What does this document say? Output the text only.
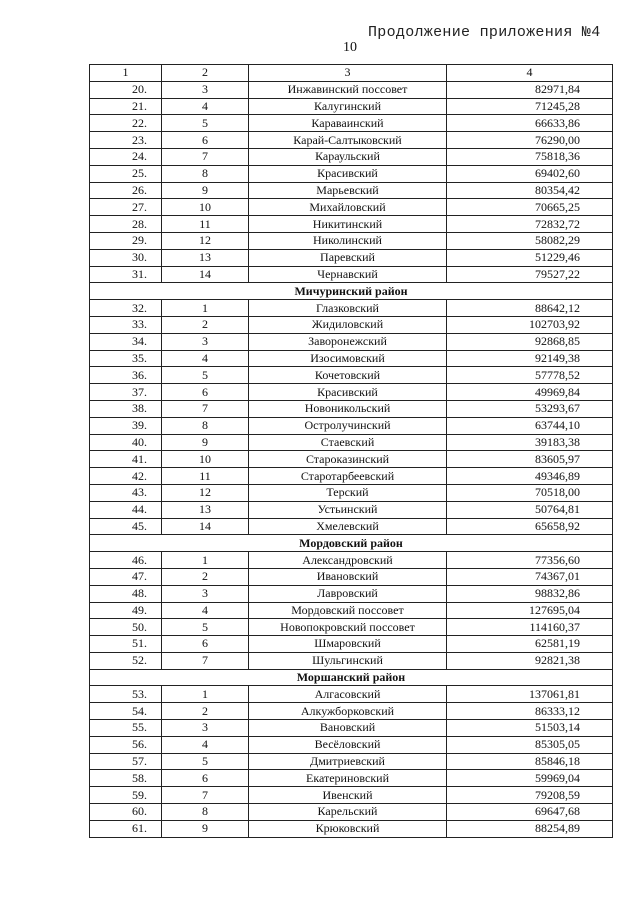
Продолжение приложения №4
10
1	2	3	4
20.	3	Инжавинский поссовет	82971,84
21.	4	Калугинский	71245,28
22.	5	Караваинский	66633,86
23.	6	Карай-Салтыковский	76290,00
24.	7	Караульский	75818,36
25.	8	Красивский	69402,60
26.	9	Марьевский	80354,42
27.	10	Михайловский	70665,25
28.	11	Никитинский	72832,72
29.	12	Николинский	58082,29
30.	13	Паревский	51229,46
31.	14	Чернавский	79527,22
Мичуринский район			
32.	1	Глазковский	88642,12
33.	2	Жидиловский	102703,92
34.	3	Заворонежский	92868,85
35.	4	Изосимовский	92149,38
36.	5	Кочетовский	57778,52
37.	6	Красивский	49969,84
38.	7	Новоникольский	53293,67
39.	8	Остролучинский	63744,10
40.	9	Стаевский	39183,38
41.	10	Староказинский	83605,97
42.	11	Старотарбеевский	49346,89
43.	12	Терский	70518,00
44.	13	Устьинский	50764,81
45.	14	Хмелевский	65658,92
Мордовский район			
46.	1	Александровский	77356,60
47.	2	Ивановский	74367,01
48.	3	Лавровский	98832,86
49.	4	Мордовский поссовет	127695,04
50.	5	Новопокровский поссовет	114160,37
51.	6	Шмаровский	62581,19
52.	7	Шульгинский	92821,38
Моршанский район			
53.	1	Алгасовский	137061,81
54.	2	Алкужборковский	86333,12
55.	3	Вановский	51503,14
56.	4	Весёловский	85305,05
57.	5	Дмитриевский	85846,18
58.	6	Екатериновский	59969,04
59.	7	Ивенский	79208,59
60.	8	Карельский	69647,68
61.	9	Крюковский	88254,89
